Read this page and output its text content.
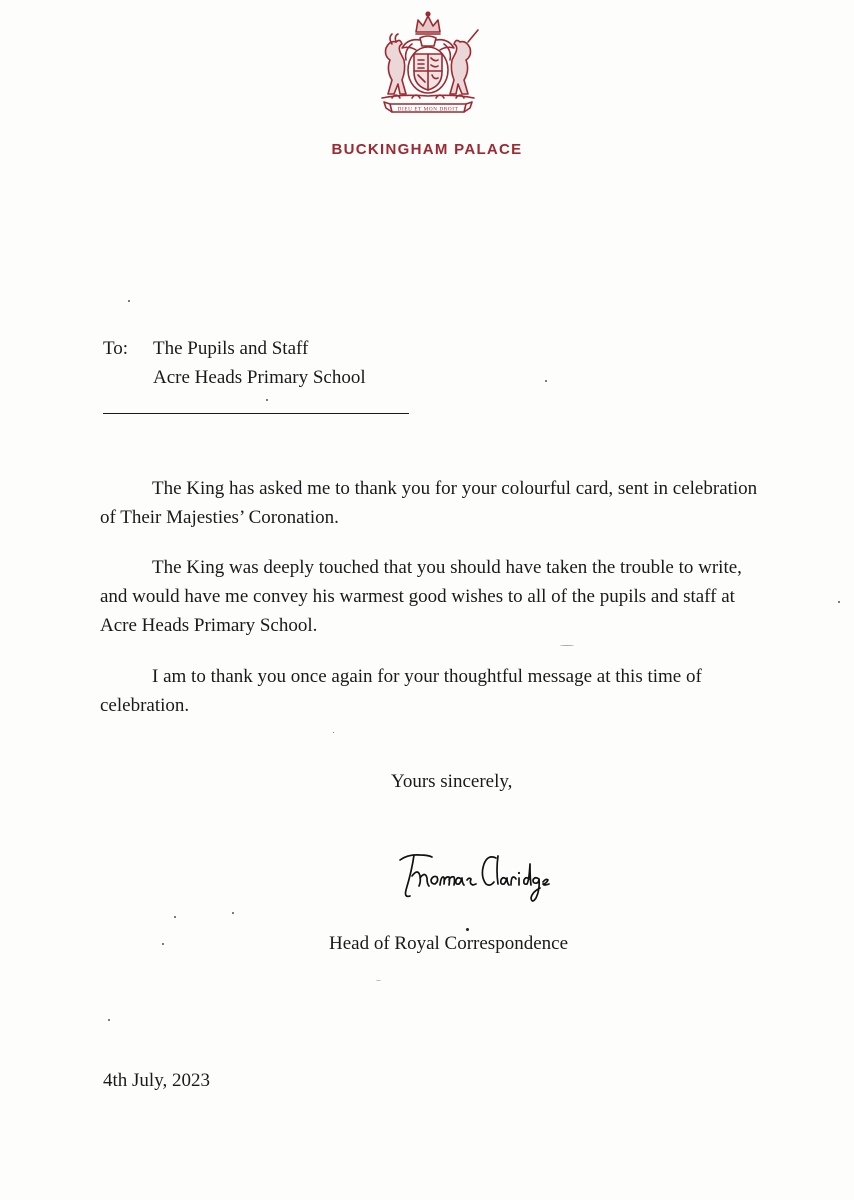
DIEU ET MON DROIT
BUCKINGHAM PALACE
To: The Pupils and Staff
Acre Heads Primary School

The King has asked me to thank you for your colourful card, sent in celebration of Their Majesties’ Coronation.

The King was deeply touched that you should have taken the trouble to write, and would have me convey his warmest good wishes to all of the pupils and staff at Acre Heads Primary School.

I am to thank you once again for your thoughtful message at this time of celebration.

Yours sincerely,
Head of Royal Correspondence
4th July, 2023
